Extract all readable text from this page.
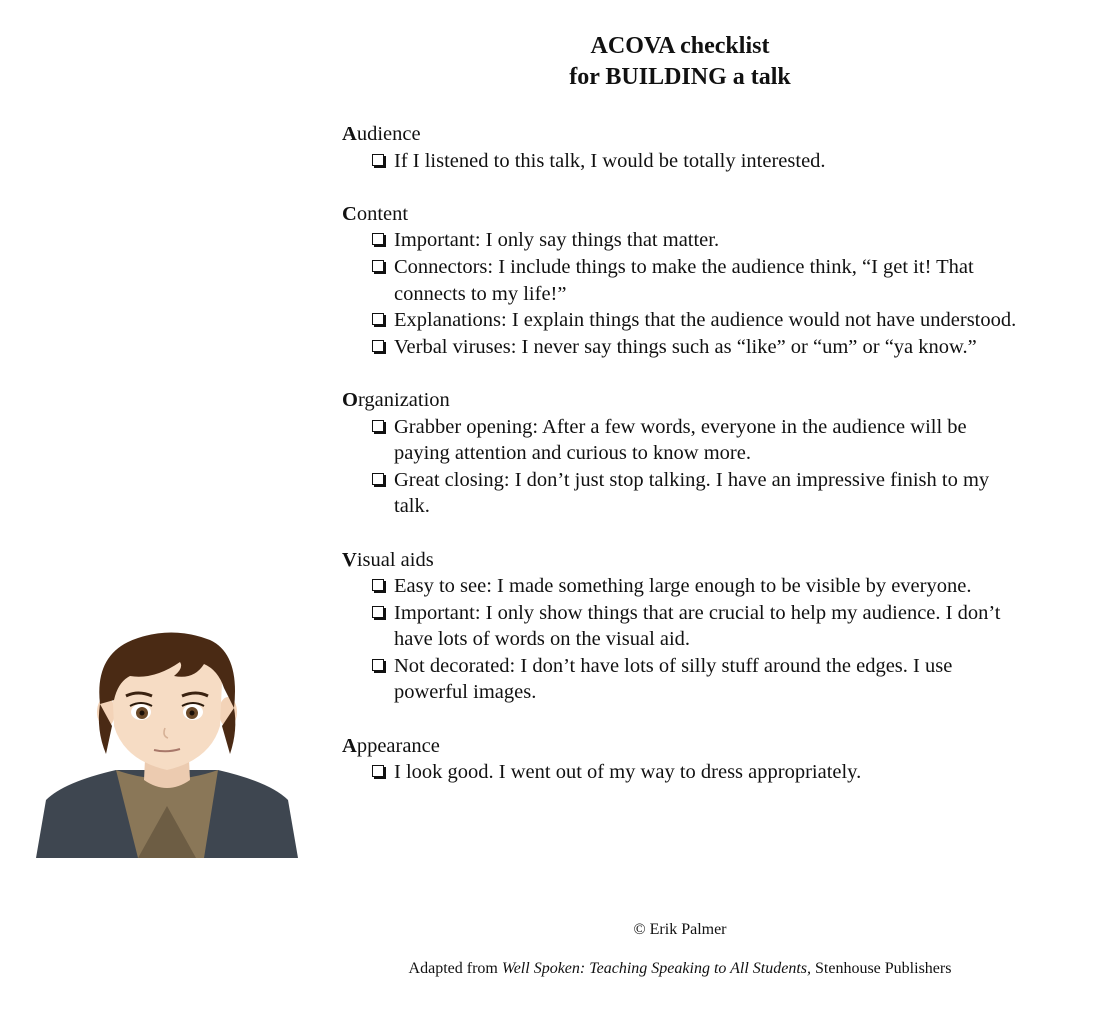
ACOVA checklist
for BUILDING a talk
Audience
If I listened to this talk, I would be totally interested.
Content
Important: I only say things that matter.
Connectors: I include things to make the audience think, “I get it! That connects to my life!”
Explanations: I explain things that the audience would not have understood.
Verbal viruses: I never say things such as “like” or “um” or “ya know.”
Organization
Grabber opening: After a few words, everyone in the audience will be paying attention and curious to know more.
Great closing: I don’t just stop talking. I have an impressive finish to my talk.
Visual aids
Easy to see: I made something large enough to be visible by everyone.
Important: I only show things that are crucial to help my audience. I don’t have lots of words on the visual aid.
Not decorated: I don’t have lots of silly stuff around the edges. I use powerful images.
Appearance
I look good. I went out of my way to dress appropriately.
© Erik Palmer
Adapted from Well Spoken: Teaching Speaking to All Students, Stenhouse Publishers
